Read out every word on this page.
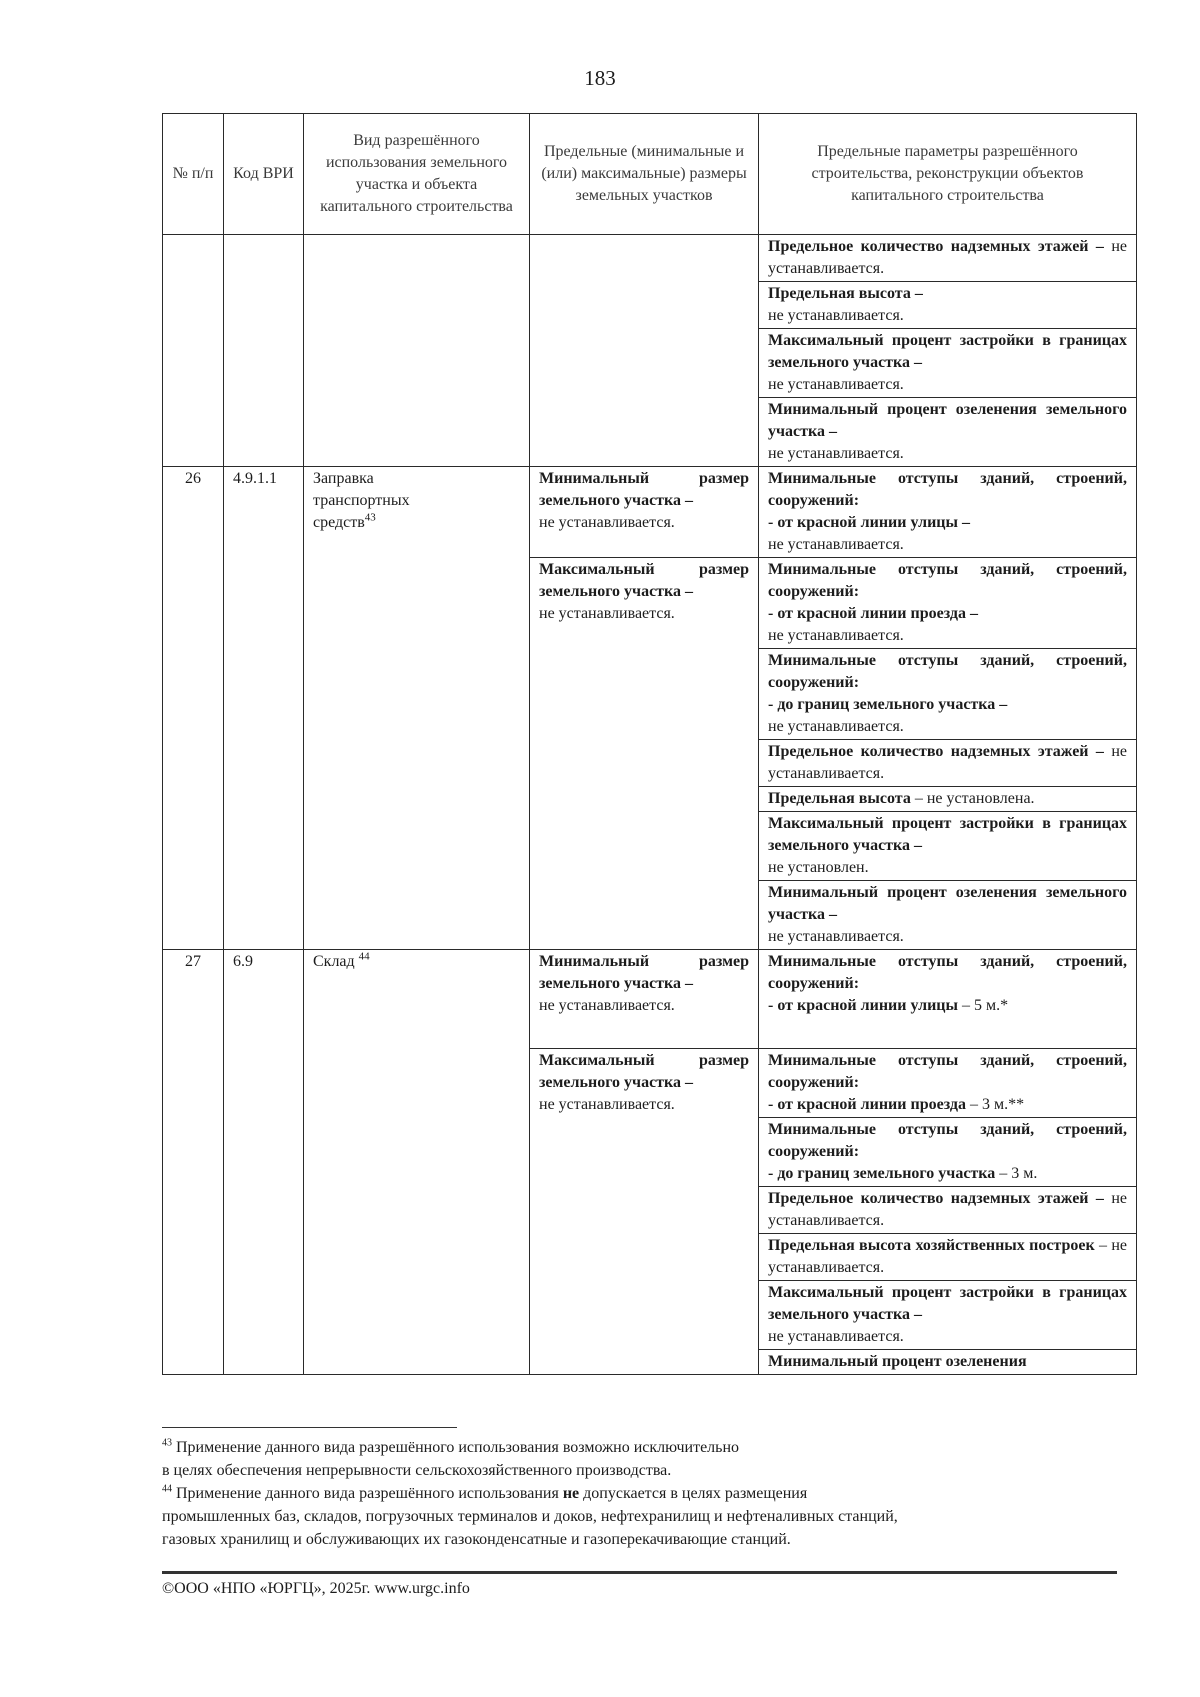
183
№ п/п	Код ВРИ	Вид разрешённого использования земельного участка и объекта капитального строительства	Предельные (минимальные и (или) максимальные) размеры земельных участков	Предельные параметры разрешённого строительства, реконструкции объектов капитального строительства
				Предельное количество надземных этажей – не устанавливается.
				Предельная высота –
не устанавливается.
				Максимальный процент застройки в границах земельного участка –
не устанавливается.
				Минимальный процент озеленения земельного участка –
не устанавливается.
26	4.9.1.1	Заправка транспортных средств$^{43}$	Минимальный размер земельного участка –
не устанавливается.	Минимальные отступы зданий, строений, сооружений:
- от красной линии улицы –
не устанавливается.
			Максимальный размер земельного участка –
не устанавливается.	Минимальные отступы зданий, строений, сооружений:
- от красной линии проезда –
не устанавливается.
				Минимальные отступы зданий, строений, сооружений:
- до границ земельного участка –
не устанавливается.
				Предельное количество надземных этажей – не устанавливается.
				Предельная высота – не установлена.
				Максимальный процент застройки в границах земельного участка –
не установлен.
				Минимальный процент озеленения земельного участка –
не устанавливается.
27	6.9	Склад $^{44}$	Минимальный размер земельного участка –
не устанавливается.	Минимальные отступы зданий, строений, сооружений:
- от красной линии улицы – 5 м.*
			Максимальный размер земельного участка –
не устанавливается.	Минимальные отступы зданий, строений, сооружений:
- от красной линии проезда – 3 м.**
				Минимальные отступы зданий, строений, сооружений:
- до границ земельного участка – 3 м.
				Предельное количество надземных этажей – не устанавливается.
				Предельная высота хозяйственных построек – не устанавливается.
				Максимальный процент застройки в границах земельного участка –
не устанавливается.
				Минимальный процент озеленения

$^{43}$ Применение данного вида разрешённого использования возможно исключительно

в целях обеспечения непрерывности сельскохозяйственного производства.

$^{44}$ Применение данного вида разрешённого использования не допускается в целях размещения

промышленных баз, складов, погрузочных терминалов и доков, нефтехранилищ и нефтеналивных станций,

газовых хранилищ и обслуживающих их газоконденсатные и газоперекачивающие станций.

©ООО «НПО «ЮРГЦ», 2025г. www.urgc.info
